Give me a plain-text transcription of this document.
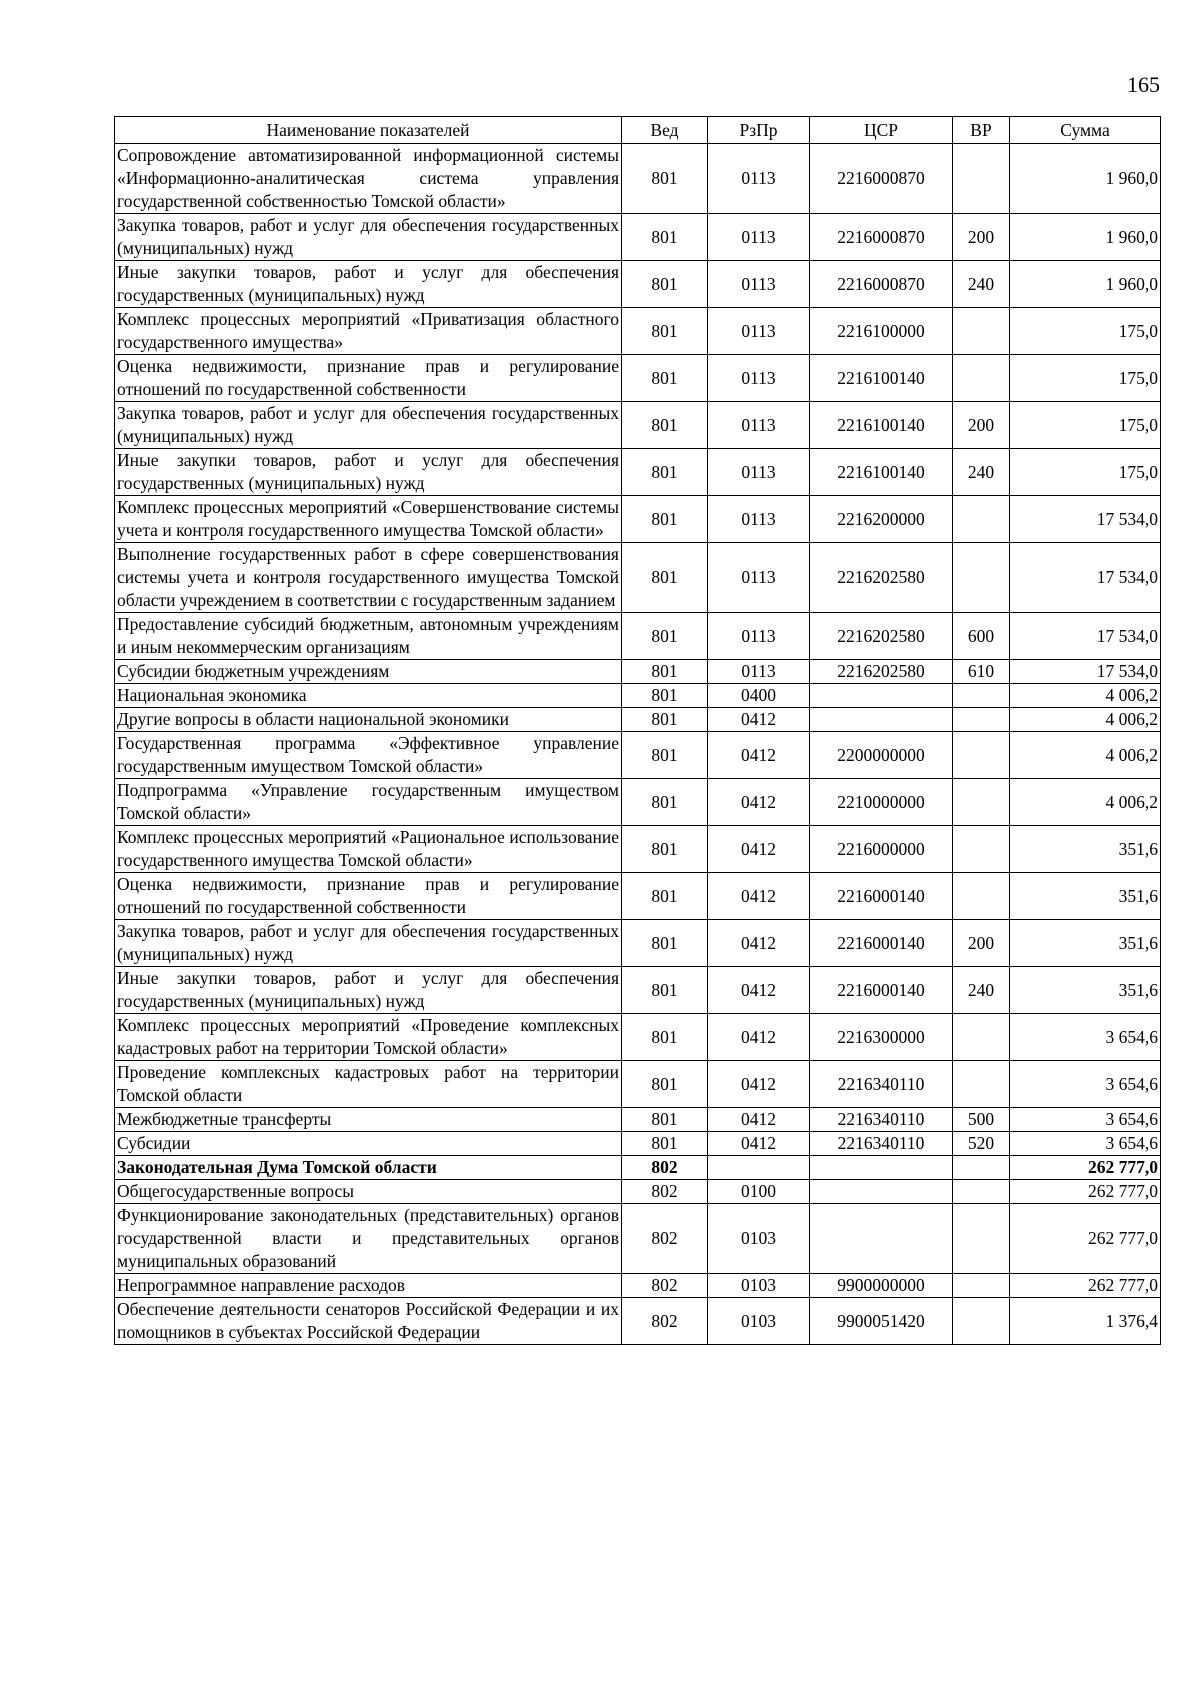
165
Наименование показателей	Вед	РзПр	ЦСР	ВР	Сумма
Сопровождение автоматизированной информационной системы «Информационно-аналитическая система управления государственной собственностью Томской области»	801	0113	2216000870		1 960,0
Закупка товаров, работ и услуг для обеспечения государственных (муниципальных) нужд	801	0113	2216000870	200	1 960,0
Иные закупки товаров, работ и услуг для обеспечения государственных (муниципальных) нужд	801	0113	2216000870	240	1 960,0
Комплекс процессных мероприятий «Приватизация областного государственного имущества»	801	0113	2216100000		175,0
Оценка недвижимости, признание прав и регулирование отношений по государственной собственности	801	0113	2216100140		175,0
Закупка товаров, работ и услуг для обеспечения государственных (муниципальных) нужд	801	0113	2216100140	200	175,0
Иные закупки товаров, работ и услуг для обеспечения государственных (муниципальных) нужд	801	0113	2216100140	240	175,0
Комплекс процессных мероприятий «Совершенствование системы учета и контроля государственного имущества Томской области»	801	0113	2216200000		17 534,0
Выполнение государственных работ в сфере совершенствования системы учета и контроля государственного имущества Томской области учреждением в соответствии с государственным заданием	801	0113	2216202580		17 534,0
Предоставление субсидий бюджетным, автономным учреждениям и иным некоммерческим организациям	801	0113	2216202580	600	17 534,0
Субсидии бюджетным учреждениям	801	0113	2216202580	610	17 534,0
Национальная экономика	801	0400			4 006,2
Другие вопросы в области национальной экономики	801	0412			4 006,2
Государственная программа «Эффективное управление государственным имуществом Томской области»	801	0412	2200000000		4 006,2
Подпрограмма «Управление государственным имуществом Томской области»	801	0412	2210000000		4 006,2
Комплекс процессных мероприятий «Рациональное использование государственного имущества Томской области»	801	0412	2216000000		351,6
Оценка недвижимости, признание прав и регулирование отношений по государственной собственности	801	0412	2216000140		351,6
Закупка товаров, работ и услуг для обеспечения государственных (муниципальных) нужд	801	0412	2216000140	200	351,6
Иные закупки товаров, работ и услуг для обеспечения государственных (муниципальных) нужд	801	0412	2216000140	240	351,6
Комплекс процессных мероприятий «Проведение комплексных кадастровых работ на территории Томской области»	801	0412	2216300000		3 654,6
Проведение комплексных кадастровых работ на территории Томской области	801	0412	2216340110		3 654,6
Межбюджетные трансферты	801	0412	2216340110	500	3 654,6
Субсидии	801	0412	2216340110	520	3 654,6
Законодательная Дума Томской области	802				262 777,0
Общегосударственные вопросы	802	0100			262 777,0
Функционирование законодательных (представительных) органов государственной власти и представительных органов муниципальных образований	802	0103			262 777,0
Непрограммное направление расходов	802	0103	9900000000		262 777,0
Обеспечение деятельности сенаторов Российской Федерации и их помощников в субъектах Российской Федерации	802	0103	9900051420		1 376,4
